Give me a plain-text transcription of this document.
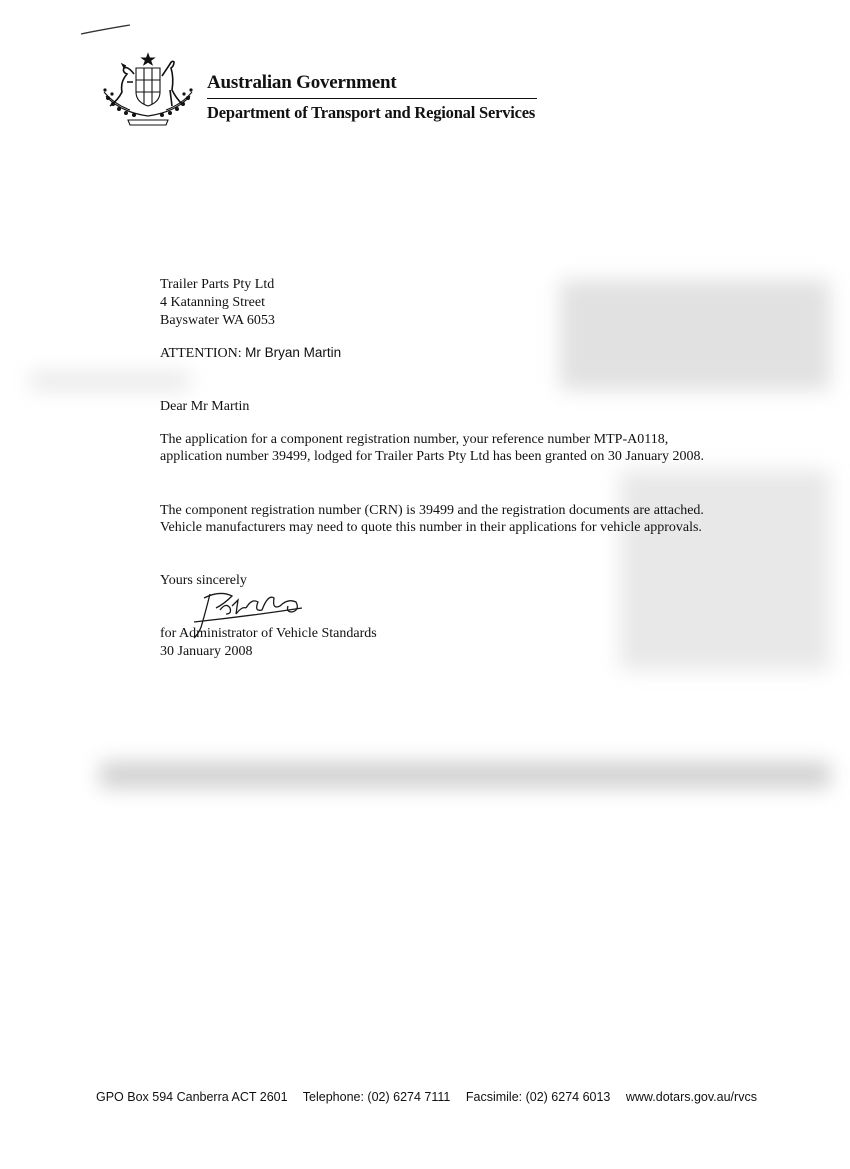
Australian Government
Department of Transport and Regional Services
Trailer Parts Pty Ltd
4 Katanning Street
Bayswater WA 6053
ATTENTION: Mr Bryan Martin
Dear Mr Martin
The application for a component registration number, your reference number MTP-A0118, application number 39499, lodged for Trailer Parts Pty Ltd has been granted on 30 January 2008.
The component registration number (CRN) is 39499 and the registration documents are attached. Vehicle manufacturers may need to quote this number in their applications for vehicle approvals.
Yours sincerely
for Administrator of Vehicle Standards
30 January 2008
GPO Box 594 Canberra ACT 2601 Telephone: (02) 6274 7111 Facsimile: (02) 6274 6013 www.dotars.gov.au/rvcs
